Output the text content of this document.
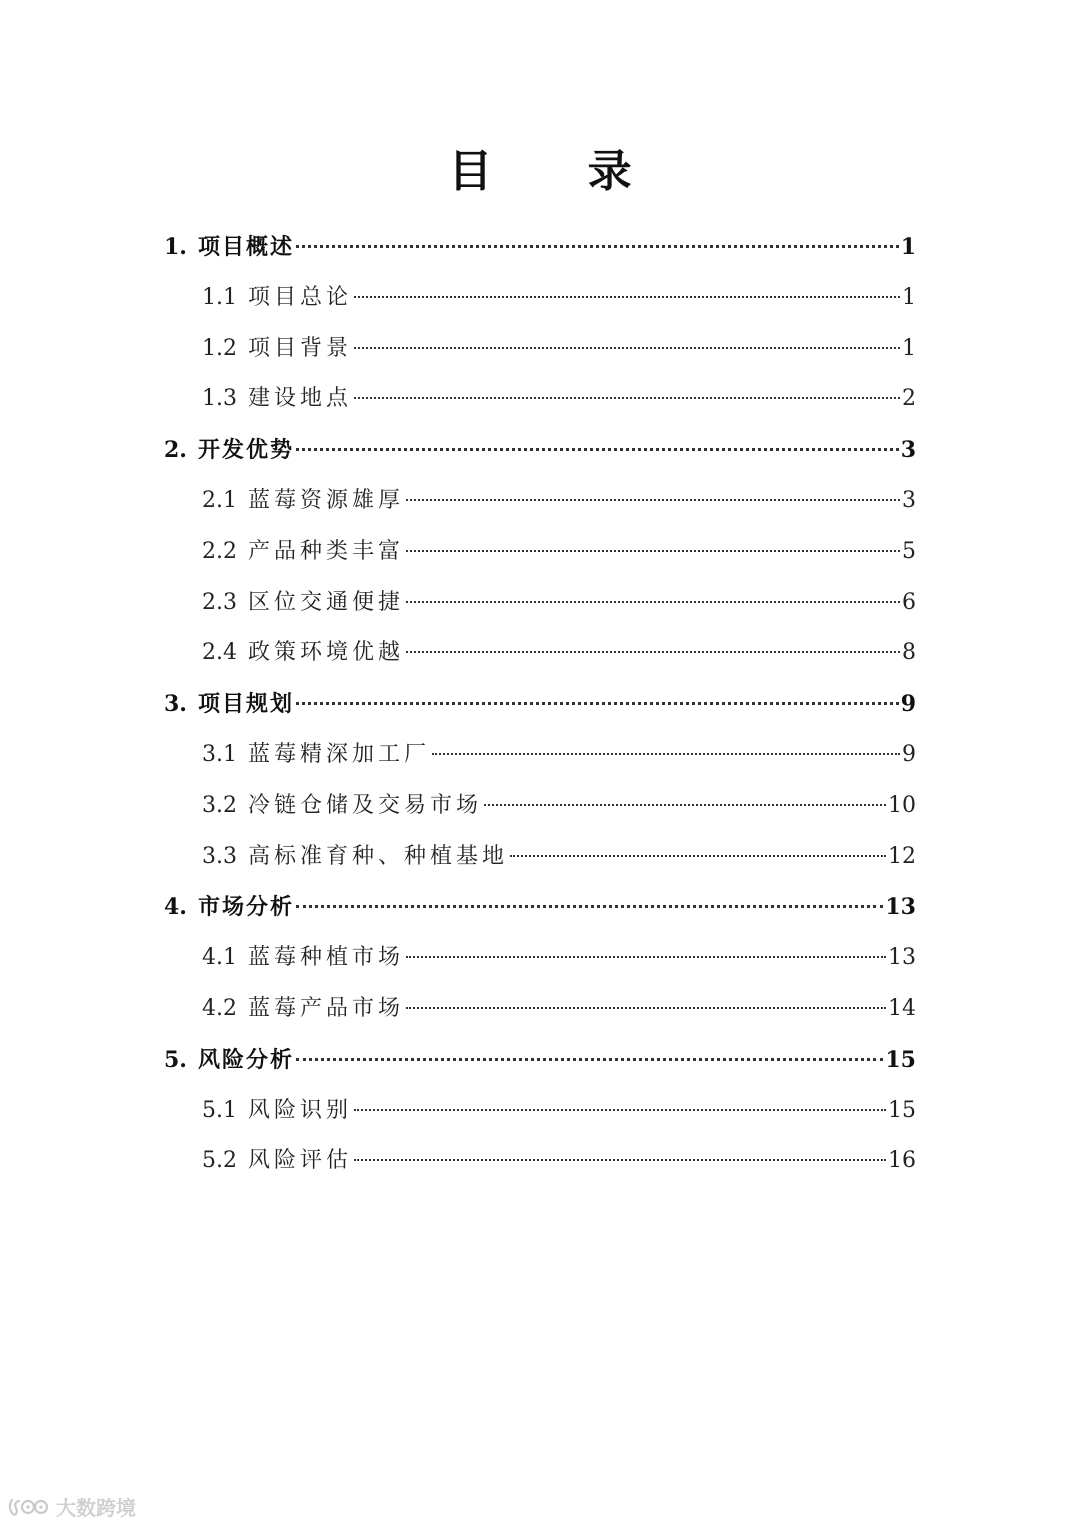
目 录
1. 项目概述	1
1.1 项目总论	1
1.2 项目背景	1
1.3 建设地点	2
2. 开发优势	3
2.1 蓝莓资源雄厚	3
2.2 产品种类丰富	5
2.3 区位交通便捷	6
2.4 政策环境优越	8
3. 项目规划	9
3.1 蓝莓精深加工厂	9
3.2 冷链仓储及交易市场	10
3.3 高标准育种、种植基地	12
4. 市场分析	13
4.1 蓝莓种植市场	13
4.2 蓝莓产品市场	14
5. 风险分析	15
5.1 风险识别	15
5.2 风险评估	16
大数跨境
